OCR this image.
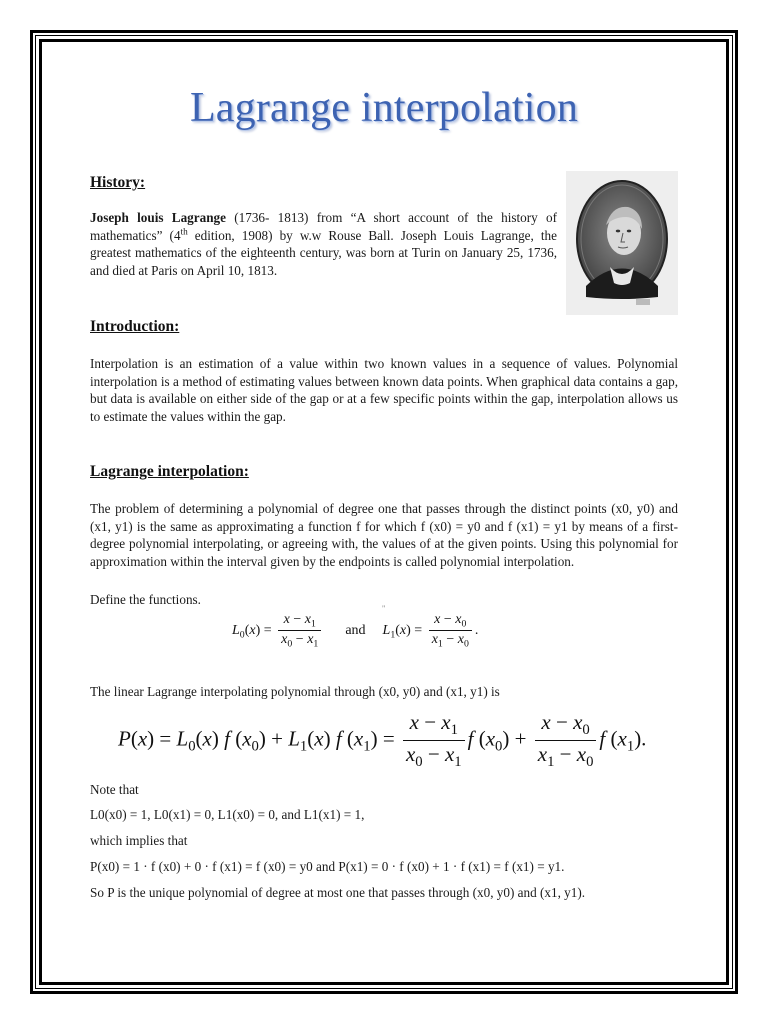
Lagrange interpolation
History:
Joseph louis Lagrange (1736- 1813) from “A short account of the history of mathematics” (4th edition, 1908) by w.w Rouse Ball. Joseph Louis Lagrange, the greatest mathematics of the eighteenth century, was born at Turin on January 25, 1736, and died at Paris on April 10, 1813.
Introduction:
Interpolation is an estimation of a value within two known values in a sequence of values. Polynomial interpolation is a method of estimating values between known data points. When graphical data contains a gap, but data is available on either side of the gap or at a few specific points within the gap, interpolation allows us to estimate the values within the gap.
Lagrange interpolation:
The problem of determining a polynomial of degree one that passes through the distinct points (x0, y0) and (x1, y1) is the same as approximating a function f for which f (x0) = y0 and f (x1) = y1 by means of a first-degree polynomial interpolating, or agreeing with, the values of at the given points. Using this polynomial for approximation within the interval given by the endpoints is called polynomial interpolation.
Define the functions.
"
$L_0(x) = \frac{x - x_1}{x_0 - x_1}$ and $L_1(x) = \frac{x - x_0}{x_1 - x_0}$ .
The linear Lagrange interpolating polynomial through (x0, y0) and (x1, y1) is
$P(x) = L_0(x)$ f $(x_0) + L_1(x)$ f $(x_1) = \frac{x - x_1}{x_0 - x_1}$ f $(x_0) + \frac{x - x_0}{x_1 - x_0}$ f $(x_1)$.
Note that
L0(x0) = 1, L0(x1) = 0, L1(x0) = 0, and L1(x1) = 1,
which implies that
P(x0) = 1 · f (x0) + 0 · f (x1) = f (x0) = y0 and P(x1) = 0 · f (x0) + 1 · f (x1) = f (x1) = y1.
So P is the unique polynomial of degree at most one that passes through (x0, y0) and (x1, y1).
